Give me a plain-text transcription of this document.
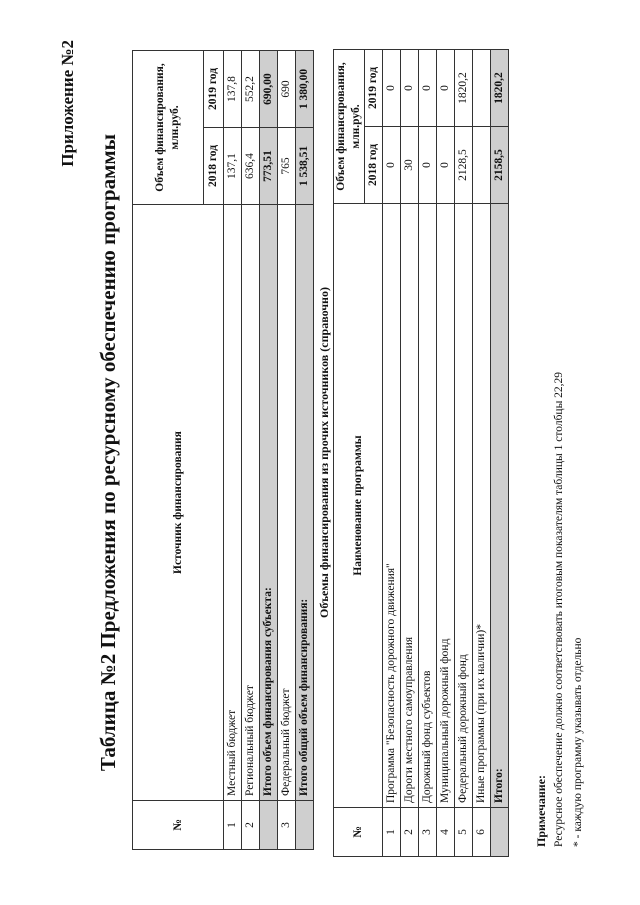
Приложение №2
Таблица №2 Предложения по ресурсному обеспечению программы
№	Источник финансирования	Объем финансирования, млн.руб.	
		2018 год	2019 год
1	Местный бюджет	137,1	137,8
2	Региональный бюджет	636,4	552,2
	Итого объем финансирования субъекта:	773,51	690,00
3	Федеральный бюджет	765	690
	Итого общий объем финансирования:	1 538,51	1 380,00
Объемы финансирования из прочих источников (справочно)
№	Наименование программы	Объем финансирования, млн.руб.	
		2018 год	2019 год
1	Программа "Безопасность дорожного движения"	0	0
2	Дороги местного самоуправления	30	0
3	Дорожный фонд субъектов	0	0
4	Муниципальный дорожный фонд	0	0
5	Федеральный дорожный фонд	2128,5	1820,2
6	Иные программы (при их наличии)*		
	Итого:	2158,5	1820,2
Примечание: Ресурсное обеспечение должно соответствовать итоговым показателям таблицы 1 столбцы 22,29 * - каждую программу указывать отдельно
